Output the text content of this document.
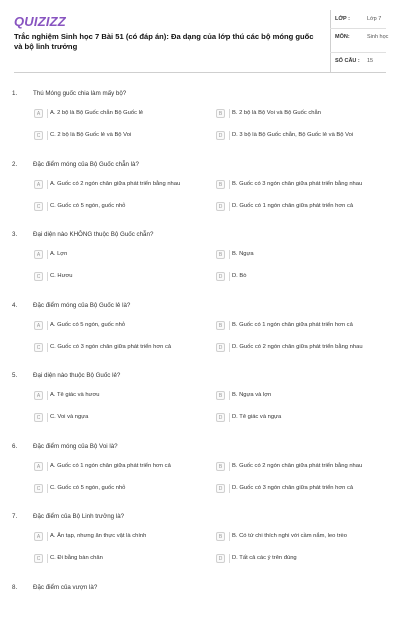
QUIZIZZ
Trắc nghiệm Sinh học 7 Bài 51 (có đáp án): Đa dạng của lớp thú các bộ móng guốc và bộ linh trưởng
LỚP :	Lớp 7
MÔN:	Sinh học
SỐ CÂU : 15
1.	Thú Móng guốc chia làm mấy bộ?
A	A. 2 bộ là Bộ Guốc chẵn Bộ Guốc lẻ	B	B. 2 bộ là Bộ Voi và Bộ Guốc chẵn
C	C. 2 bộ là Bộ Guốc lẻ và Bộ Voi	D	D. 3 bộ là Bộ Guốc chẵn, Bộ Guốc lẻ và Bộ Voi
2.	Đặc điểm móng của Bộ Guốc chẵn là?
A	A. Guốc có 2 ngón chân giữa phát triển bằng nhau	B	B. Guốc có 3 ngón chân giữa phát triển bằng nhau
C	C. Guốc có 5 ngón, guốc nhỏ	D	D. Guốc có 1 ngón chân giữa phát triển hơn cả
3.	Đại diện nào KHÔNG thuộc Bộ Guốc chẵn?
A	A. Lợn	B	B. Ngựa
C	C. Hươu	D	D. Bò
4.	Đặc điểm móng của Bộ Guốc lẻ là?
A	A. Guốc có 5 ngón, guốc nhỏ	B	B. Guốc có 1 ngón chân giữa phát triển hơn cả
C	C. Guốc có 3 ngón chân giữa phát triển hơn cả	D	D. Guốc có 2 ngón chân giữa phát triển bằng nhau
5.	Đại diện nào thuộc Bộ Guốc lẻ?
A	A. Tê giác và hươu	B	B. Ngựa và lợn
C	C. Voi và ngựa	D	D. Tê giác và ngựa
6.	Đặc điểm móng của Bộ Voi là?
A	A. Guốc có 1 ngón chân giữa phát triển hơn cả	B	B. Guốc có 2 ngón chân giữa phát triển bằng nhau
C	C. Guốc có 5 ngón, guốc nhỏ	D	D. Guốc có 3 ngón chân giữa phát triển hơn cả
7.	Đặc điểm của Bộ Linh trưởng là?
A	A. Ăn tạp, nhưng ăn thực vật là chính	B	B. Có tứ chi thích nghi với cầm nắm, leo trèo
C	C. Đi bằng bàn chân	D	D. Tất cả các ý trên đúng
8.	Đặc điểm của vượn là?
